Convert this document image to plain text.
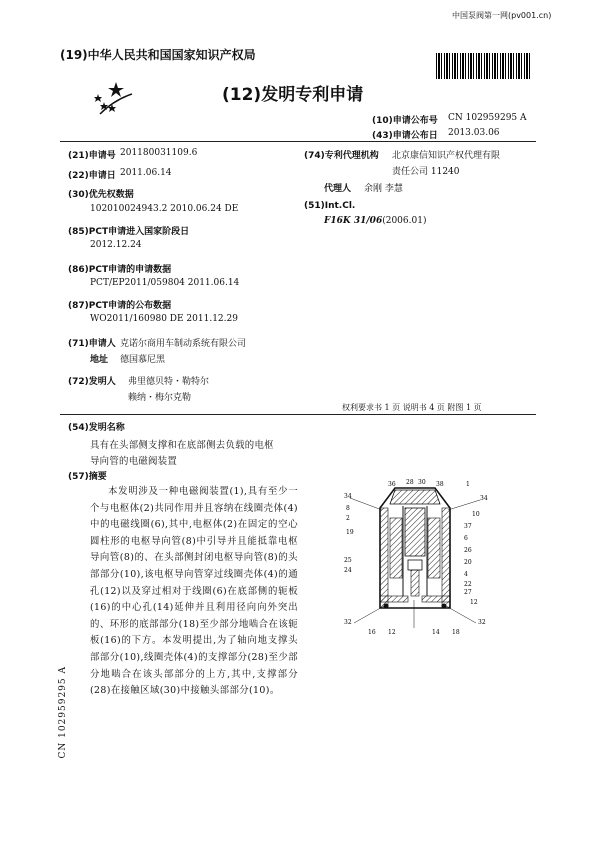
中国泵阀第一网(pv001.cn)
(19)中华人民共和国国家知识产权局
(12)发明专利申请
(10)申请公布号 CN 102959295 A
(43)申请公布日 2013.03.06
(21)申请号 201180031109.6
(22)申请日 2011.06.14
(30)优先权数据
102010024943.2 2010.06.24 DE
(85)PCT申请进入国家阶段日
2012.12.24
(86)PCT申请的申请数据
PCT/EP2011/059804 2011.06.14
(87)PCT申请的公布数据
WO2011/160980 DE 2011.12.29
(71)申请人 克诺尔商用车制动系统有限公司
地址 德国慕尼黑
(72)发明人 弗里德贝特・勒特尔
赖纳・梅尔克勒
(74)专利代理机构 北京康信知识产权代理有限
责任公司 11240
代理人 余刚 李慧
(51)Int.Cl.
F16K 31/06(2006.01)
权利要求书 1 页 说明书 4 页 附图 1 页
(54)发明名称
具有在头部侧支撑和在底部侧去负载的电枢
导向管的电磁阀装置
(57)摘要

本发明涉及一种电磁阀装置(1),具有至少一个与电枢体(2)共同作用并且容纳在线圈壳体(4)中的电磁线圈(6),其中,电枢体(2)在固定的空心圆柱形的电枢导向管(8)中引导并且能抵靠电枢导向管(8)的、在头部侧封闭电枢导向管(8)的头部部分(10),该电枢导向管穿过线圈壳体(4)的通孔(12)以及穿过相对于线圈(6)在底部侧的轭板(16)的中心孔(14)延伸并且利用径向向外突出的、环形的底部部分(18)至少部分地啮合在该轭板(16)的下方。本发明提出,为了轴向地支撑头部部分(10),线圈壳体(4)的支撑部分(28)至少部分地啮合在该头部部分的上方,其中,支撑部分(28)在接触区域(30)中接触头部部分(10)。

CN 102959295 A
36 28 30 38	1
34	34
8
10
2
37
19
6
25
26
20
24
4
22
27
12
32	32
16 12	14 18
